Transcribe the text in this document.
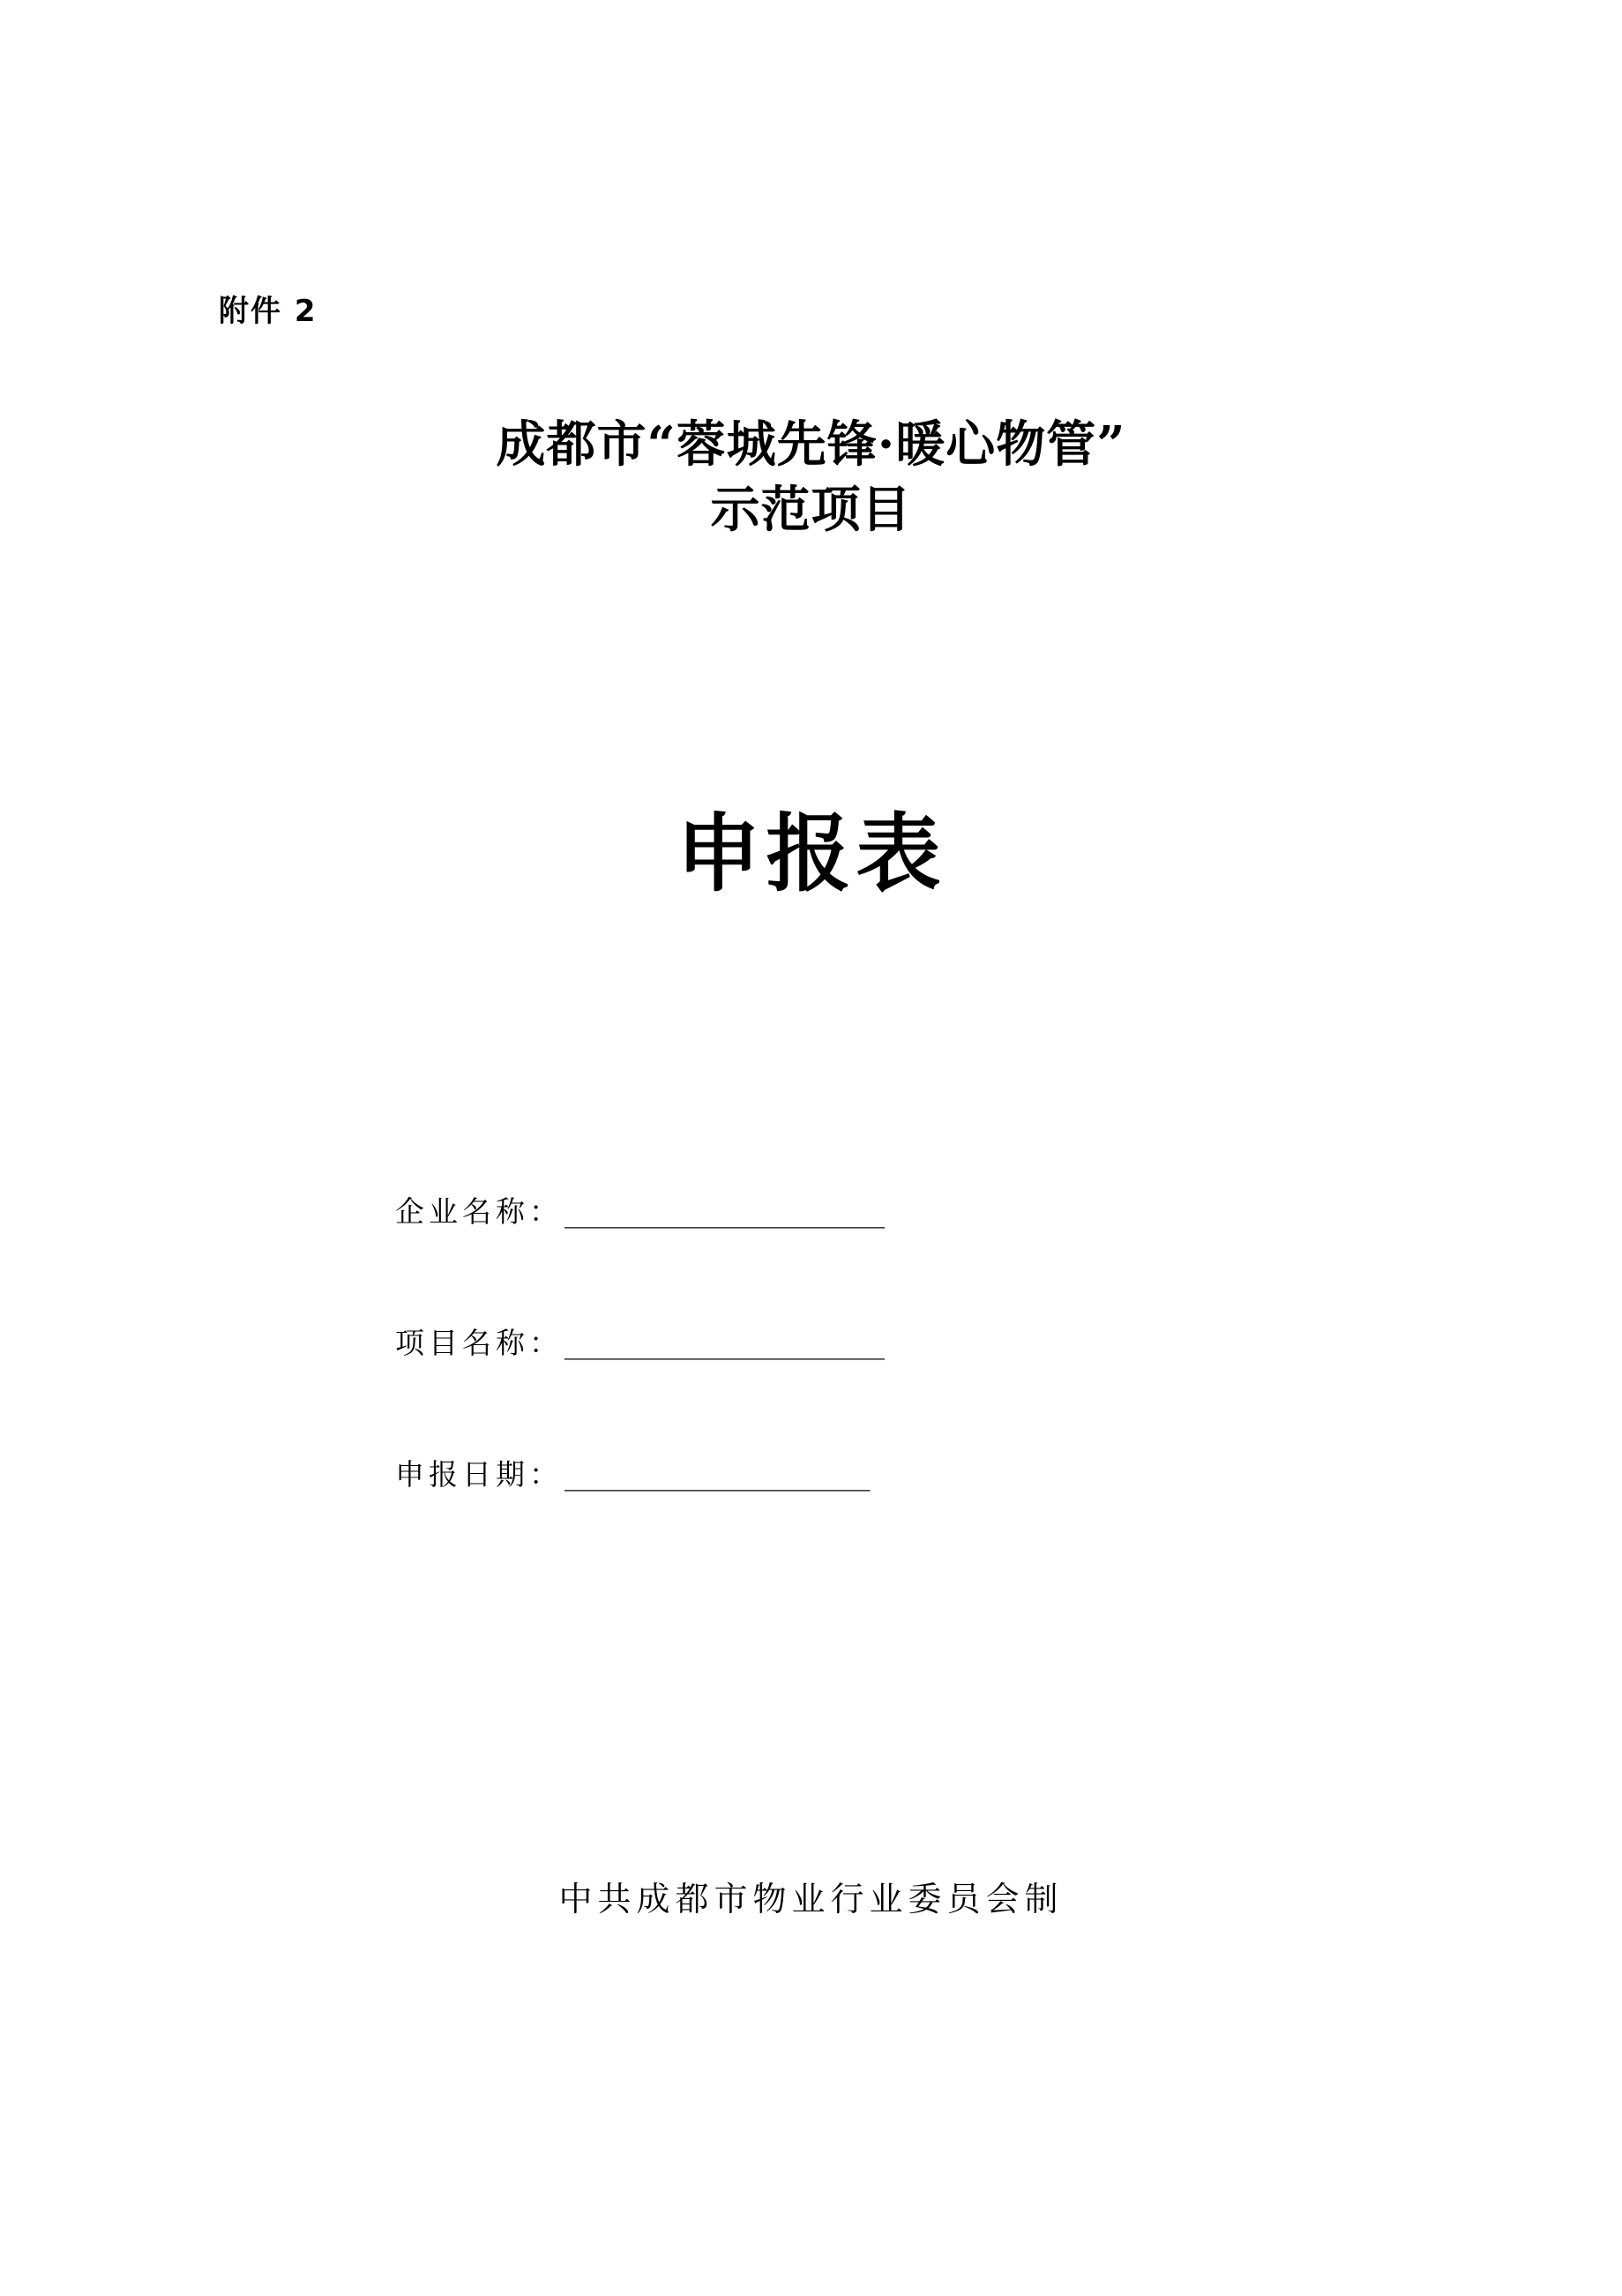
附件 2
成都市“蓉城先锋·暖心物管”
示范项目
申报表
企业名称： ______________________
项目名称： ______________________
申报日期： _____________________
中共成都市物业行业委员会制
